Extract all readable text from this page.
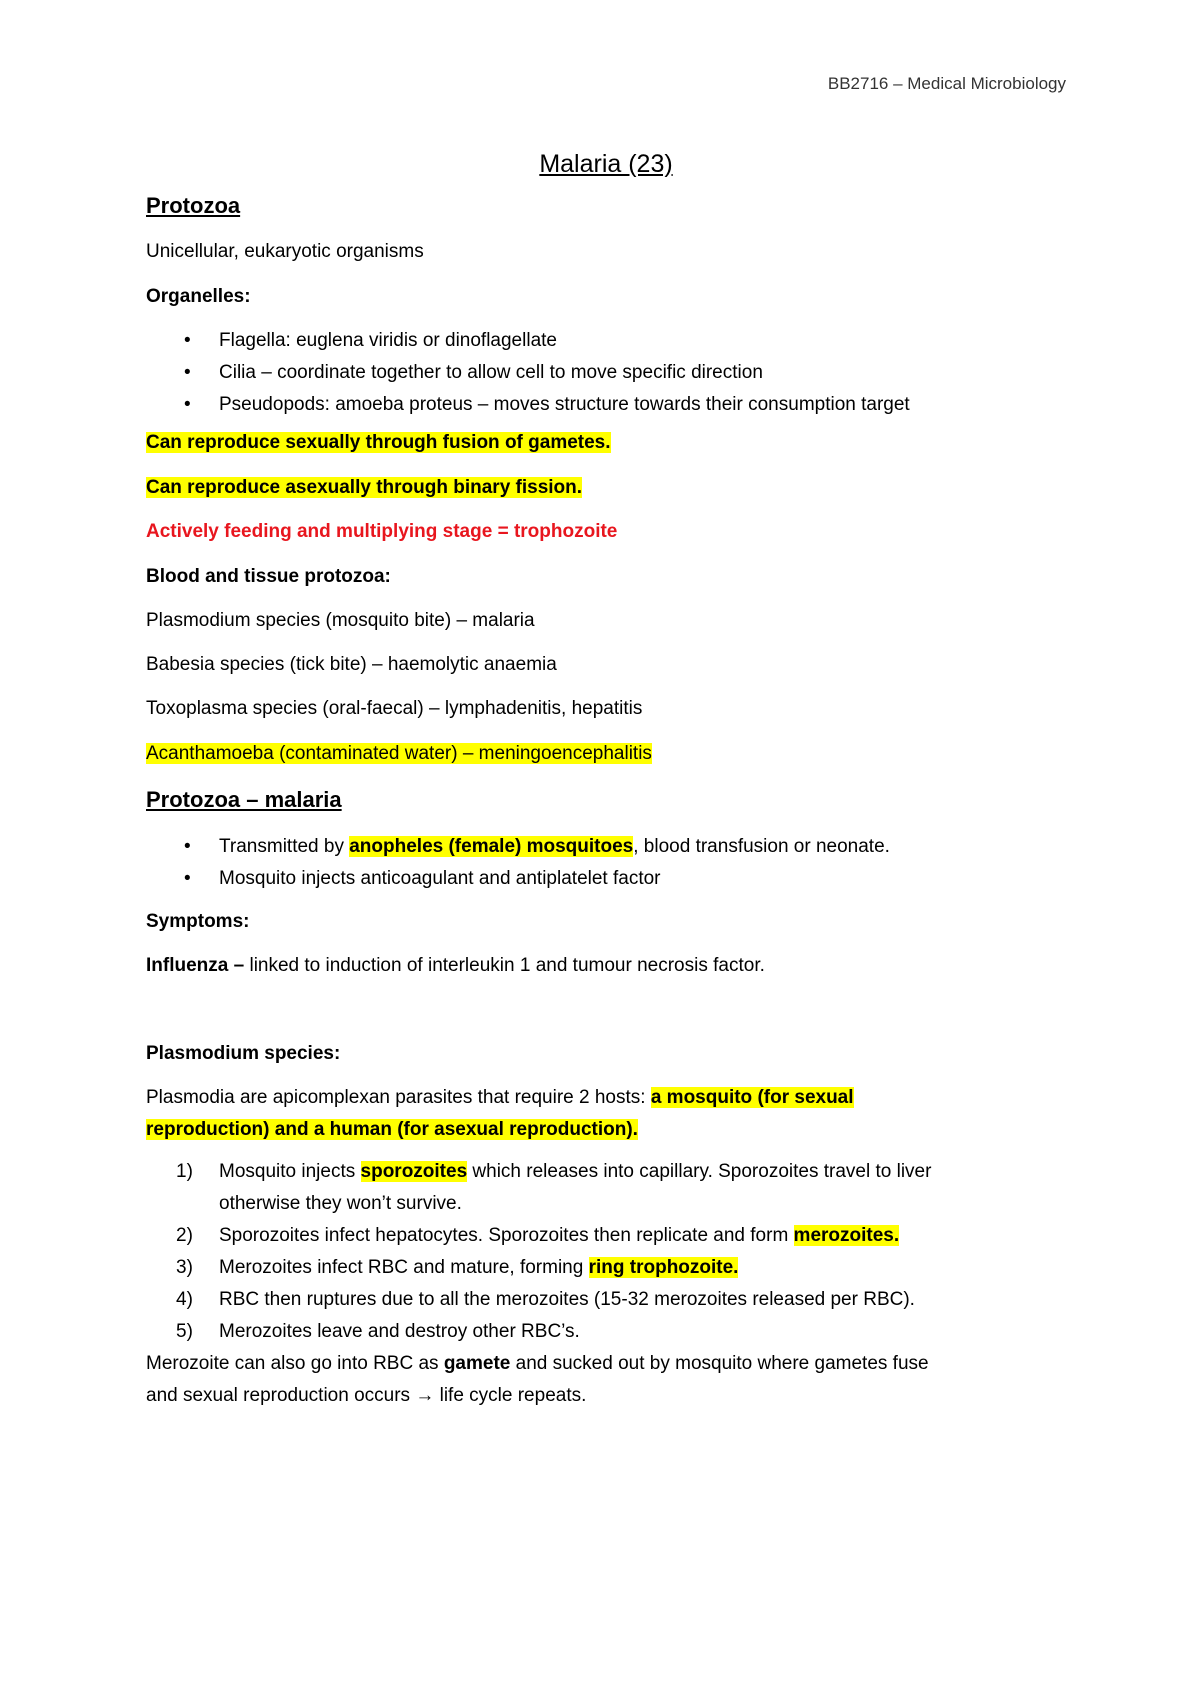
BB2716 – Medical Microbiology
Malaria (23)
Protozoa
Unicellular, eukaryotic organisms
Organelles:
• Flagella: euglena viridis or dinoflagellate
• Cilia – coordinate together to allow cell to move specific direction
• Pseudopods: amoeba proteus – moves structure towards their consumption target
Can reproduce sexually through fusion of gametes.
Can reproduce asexually through binary fission.
Actively feeding and multiplying stage = trophozoite
Blood and tissue protozoa:
Plasmodium species (mosquito bite) – malaria
Babesia species (tick bite) – haemolytic anaemia
Toxoplasma species (oral-faecal) – lymphadenitis, hepatitis
Acanthamoeba (contaminated water) – meningoencephalitis
Protozoa – malaria
• Transmitted by anopheles (female) mosquitoes, blood transfusion or neonate.
• Mosquito injects anticoagulant and antiplatelet factor
Symptoms:
Influenza – linked to induction of interleukin 1 and tumour necrosis factor.
Plasmodium species:
Plasmodia are apicomplexan parasites that require 2 hosts: a mosquito (for sexual
reproduction) and a human (for asexual reproduction).
1) Mosquito injects sporozoites which releases into capillary. Sporozoites travel to liver
otherwise they won’t survive.
2) Sporozoites infect hepatocytes. Sporozoites then replicate and form merozoites.
3) Merozoites infect RBC and mature, forming ring trophozoite.
4) RBC then ruptures due to all the merozoites (15-32 merozoites released per RBC).
5) Merozoites leave and destroy other RBC’s.
Merozoite can also go into RBC as gamete and sucked out by mosquito where gametes fuse
and sexual reproduction occurs → life cycle repeats.
